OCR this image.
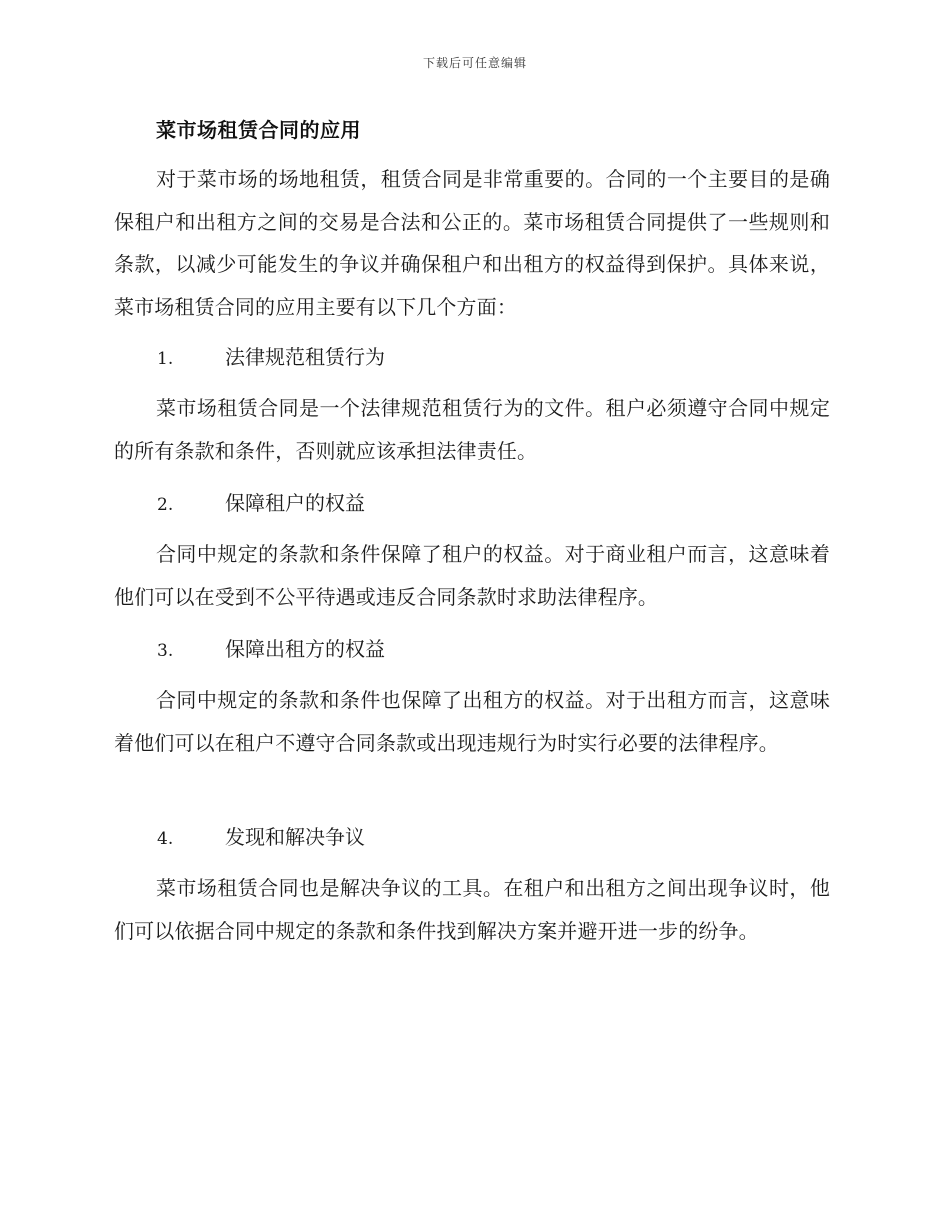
下载后可任意编辑
菜市场租赁合同的应用

对于菜市场的场地租赁，租赁合同是非常重要的。合同的一个主要目的是确保租户和出租方之间的交易是合法和公正的。菜市场租赁合同提供了一些规则和条款，以减少可能发生的争议并确保租户和出租方的权益得到保护。具体来说，菜市场租赁合同的应用主要有以下几个方面：

1.	法律规范租赁行为

菜市场租赁合同是一个法律规范租赁行为的文件。租户必须遵守合同中规定的所有条款和条件，否则就应该承担法律责任。

2.	保障租户的权益

合同中规定的条款和条件保障了租户的权益。对于商业租户而言，这意味着他们可以在受到不公平待遇或违反合同条款时求助法律程序。

3.	保障出租方的权益

合同中规定的条款和条件也保障了出租方的权益。对于出租方而言，这意味着他们可以在租户不遵守合同条款或出现违规行为时实行必要的法律程序。

4.	发现和解决争议

菜市场租赁合同也是解决争议的工具。在租户和出租方之间出现争议时，他们可以依据合同中规定的条款和条件找到解决方案并避开进一步的纷争。
